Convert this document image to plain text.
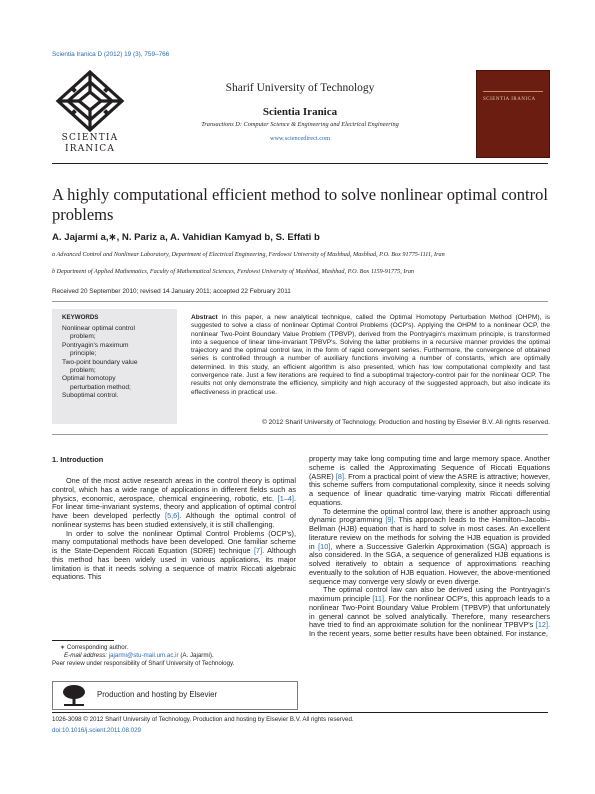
Scientia Iranica D (2012) 19 (3), 759–766
SCIENTIA
IRANICA
Sharif University of Technology
Scientia Iranica
Transactions D: Computer Science & Engineering and Electrical Engineering
www.sciencedirect.com
SCIENTIA IRANICA
A highly computational efficient method to solve nonlinear optimal control problems
A. Jajarmi a,∗, N. Pariz a, A. Vahidian Kamyad b, S. Effati b
a Advanced Control and Nonlinear Laboratory, Department of Electrical Engineering, Ferdowsi University of Mashhad, Mashhad, P.O. Box 91775-1111, Iran
b Department of Applied Mathematics, Faculty of Mathematical Sciences, Ferdowsi University of Mashhad, Mashhad, P.O. Box 1159-91775, Iran
Received 20 September 2010; revised 14 January 2011; accepted 22 February 2011
KEYWORDS
Nonlinear optimal control
problem;
Pontryagin's maximum
principle;
Two-point boundary value
problem;
Optimal homotopy
perturbation method;
Suboptimal control.
Abstract In this paper, a new analytical technique, called the Optimal Homotopy Perturbation Method (OHPM), is suggested to solve a class of nonlinear Optimal Control Problems (OCP's). Applying the OHPM to a nonlinear OCP, the nonlinear Two-Point Boundary Value Problem (TPBVP), derived from the Pontryagin's maximum principle, is transformed into a sequence of linear time-invariant TPBVP's. Solving the latter problems in a recursive manner provides the optimal trajectory and the optimal control law, in the form of rapid convergent series. Furthermore, the convergence of obtained series is controlled through a number of auxiliary functions involving a number of constants, which are optimally determined. In this study, an efficient algorithm is also presented, which has low computational complexity and fast convergence rate. Just a few iterations are required to find a suboptimal trajectory-control pair for the nonlinear OCP. The results not only demonstrate the efficiency, simplicity and high accuracy of the suggested approach, but also indicate its effectiveness in practical use.
© 2012 Sharif University of Technology. Production and hosting by Elsevier B.V. All rights reserved.
1. Introduction

One of the most active research areas in the control theory is optimal control, which has a wide range of applications in different fields such as physics, economic, aerospace, chemical engineering, robotic, etc. [1–4]. For linear time-invariant systems, theory and application of optimal control have been developed perfectly [5,6]. Although the optimal control of nonlinear systems has been studied extensively, it is still challenging.

In order to solve the nonlinear Optimal Control Problems (OCP's), many computational methods have been developed. One familiar scheme is the State-Dependent Riccati Equation (SDRE) technique [7]. Although this method has been widely used in various applications, its major limitation is that it needs solving a sequence of matrix Riccati algebraic equations. This

∗ Corresponding author.
E-mail address: jajarmi@stu-mail.um.ac.ir (A. Jajarmi).
Peer review under responsibility of Sharif University of Technology.
Production and hosting by Elsevier

property may take long computing time and large memory space. Another scheme is called the Approximating Sequence of Riccati Equations (ASRE) [8]. From a practical point of view the ASRE is attractive; however, this scheme suffers from computational complexity, since it needs solving a sequence of linear quadratic time-varying matrix Riccati differential equations.

To determine the optimal control law, there is another approach using dynamic programming [9]. This approach leads to the Hamilton–Jacobi–Bellman (HJB) equation that is hard to solve in most cases. An excellent literature review on the methods for solving the HJB equation is provided in [10], where a Successive Galerkin Approximation (SGA) approach is also considered. In the SGA, a sequence of generalized HJB equations is solved iteratively to obtain a sequence of approximations reaching eventually to the solution of HJB equation. However, the above-mentioned sequence may converge very slowly or even diverge.

The optimal control law can also be derived using the Pontryagin's maximum principle [11]. For the nonlinear OCP's, this approach leads to a nonlinear Two-Point Boundary Value Problem (TPBVP) that unfortunately in general cannot be solved analytically. Therefore, many researchers have tried to find an approximate solution for the nonlinear TPBVP's [12]. In the recent years, some better results have been obtained. For instance,

1026-3098 © 2012 Sharif University of Technology. Production and hosting by Elsevier B.V. All rights reserved.
doi:10.1016/j.scient.2011.08.029
